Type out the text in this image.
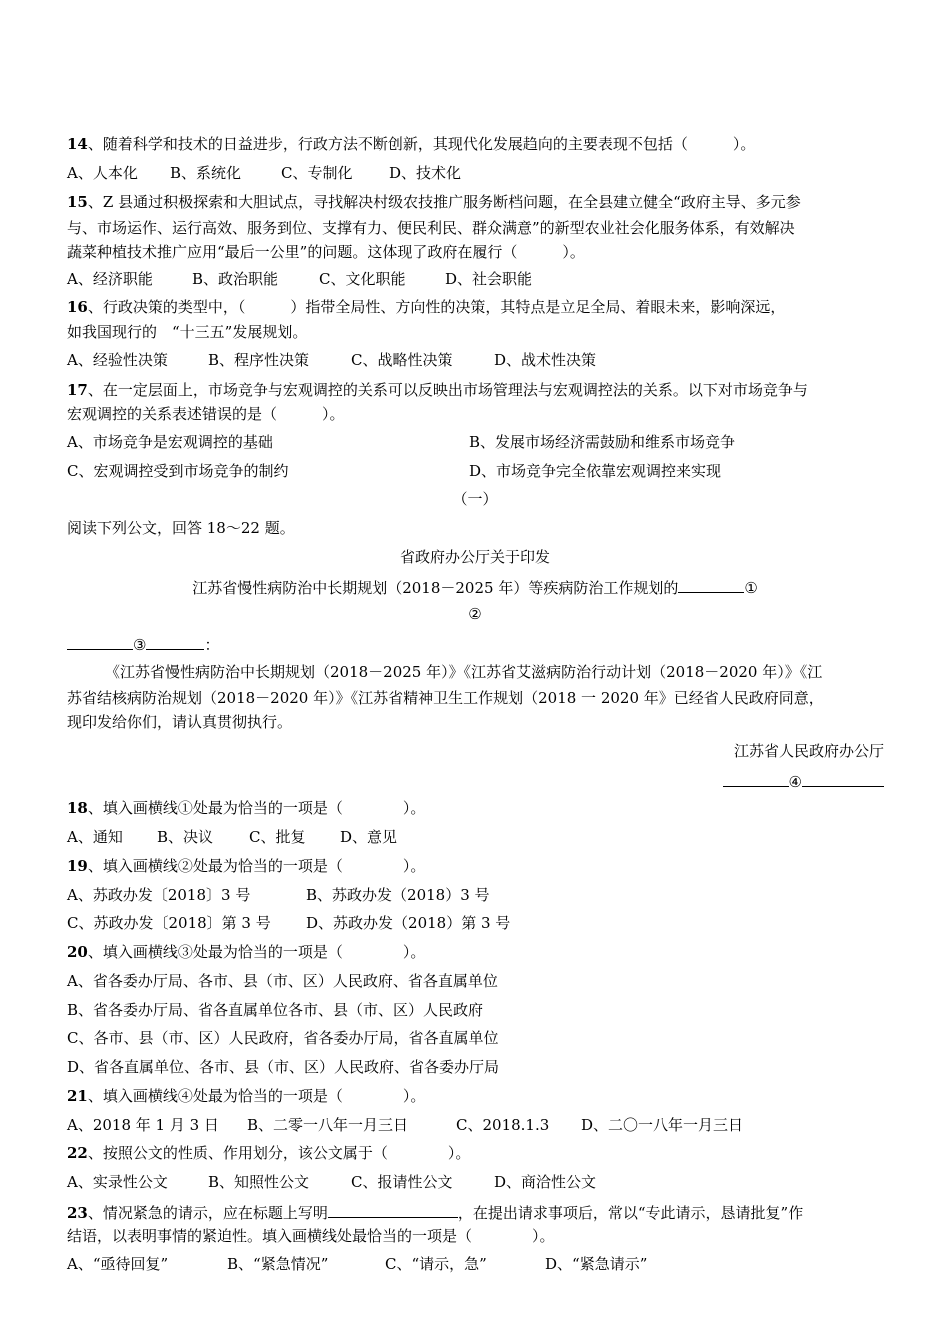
14、随着科学和技术的日益进步，行政方法不断创新，其现代化发展趋向的主要表现不包括（　　　）。
A、人本化 B、系统化	C、专制化 D、技术化
15、Z 县通过积极探索和大胆试点，寻找解决村级农技推广服务断档问题，在全县建立健全“政府主导、多元参
与、市场运作、运行高效、服务到位、支撑有力、便民利民、群众满意”的新型农业社会化服务体系，有效解决
蔬菜种植技术推广应用“最后一公里”的问题。这体现了政府在履行（　　　）。
A、经济职能	B、政治职能	C、文化职能	D、社会职能
16、行政决策的类型中，（　　　）指带全局性、方向性的决策，其特点是立足全局、着眼未来，影响深远，
如我国现行的　“十三五”发展规划。
A、经验性决策	B、程序性决策	C、战略性决策	D、战术性决策
17、在一定层面上，市场竞争与宏观调控的关系可以反映出市场管理法与宏观调控法的关系。以下对市场竞争与
宏观调控的关系表述错误的是（　　　）。
A、市场竞争是宏观调控的基础	B、发展市场经济需鼓励和维系市场竞争
C、宏观调控受到市场竞争的制约	D、市场竞争完全依靠宏观调控来实现
（一）
阅读下列公文，回答 18～22 题。
省政府办公厅关于印发
江苏省慢性病防治中长期规划（2018－2025 年）等疾病防治工作规划的	①
②
③	：
《江苏省慢性病防治中长期规划（2018－2025 年）》《江苏省艾滋病防治行动计划（2018－2020 年）》《江
苏省结核病防治规划（2018－2020 年）》《江苏省精神卫生工作规划（2018 一 2020 年》已经省人民政府同意，
现印发给你们，请认真贯彻执行。
江苏省人民政府办公厅
④
18、填入画横线①处最为恰当的一项是（　　　　）。
A、通知 B、决议 C、批复 D、意见
19、填入画横线②处最为恰当的一项是（　　　　）。
A、苏政办发〔2018〕3 号	B、苏政办发（2018）3 号
C、苏政办发〔2018〕第 3 号 D、苏政办发（2018）第 3 号
20、填入画横线③处最为恰当的一项是（　　　　）。
A、省各委办厅局、各市、县（市、区）人民政府、省各直属单位
B、省各委办厅局、省各直属单位各市、县（市、区）人民政府
C、各市、县（市、区）人民政府，省各委办厅局，省各直属单位
D、省各直属单位、各市、县（市、区）人民政府、省各委办厅局
21、填入画横线④处最为恰当的一项是（　　　　）。
A、2018 年 1 月 3 日 B、二零一八年一月三日	C、2018.1.3 D、二〇一八年一月三日
22、按照公文的性质、作用划分，该公文属于（　　　　）。
A、实录性公文	B、知照性公文	C、报请性公文	D、商洽性公文
23、情况紧急的请示，应在标题上写明	，在提出请求事项后，常以“专此请示，恳请批复”作
结语，以表明事情的紧迫性。填入画横线处最恰当的一项是（　　　　）。
A、“亟待回复”	B、“紧急情况”	C、“请示，急”	D、“紧急请示”
